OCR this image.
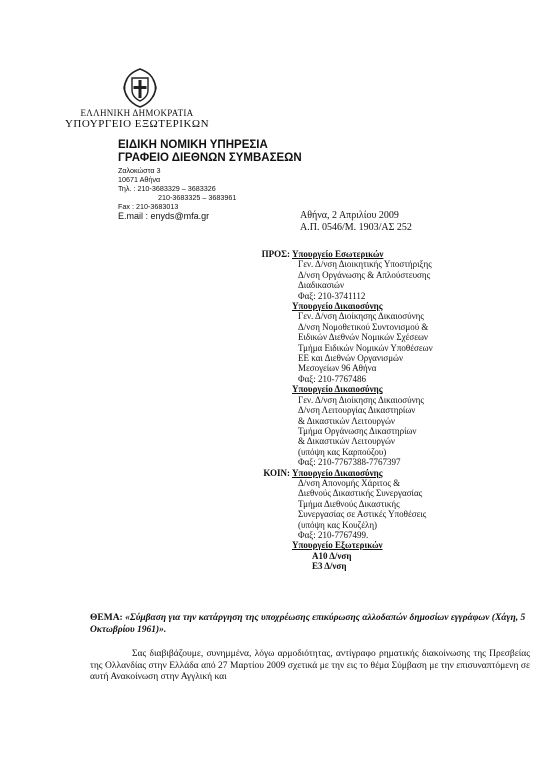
ΕΛΛΗΝΙΚΗ ΔΗΜΟΚΡΑΤΙΑ
ΥΠΟΥΡΓΕΙΟ ΕΞΩΤΕΡΙΚΩΝ
ΕΙΔΙΚΗ ΝΟΜΙΚΗ ΥΠΗΡΕΣΙΑ
ΓΡΑΦΕΙΟ ΔΙΕΘΝΩΝ ΣΥΜΒΑΣΕΩΝ
Ζαλοκώστα 3
10671 Αθήνα
Τηλ. : 210-3683329 – 3683326
210-3683325 – 3683961
Fax : 210-3683013
E.mail : enyds@mfa.gr	Αθήνα, 2 Απριλίου 2009
Α.Π. 0546/Μ. 1903/ΑΣ 252
ΠΡΟΣ: Υπουργείο Εσωτερικών
Γεν. Δ/νση Διοικητικής Υποστήριξης
Δ/νση Οργάνωσης & Απλούστευσης
Διαδικασιών
Φαξ: 210-3741112
Υπουργείο Δικαιοσύνης
Γεν. Δ/νση Διοίκησης Δικαιοσύνης
Δ/νση Νομοθετικού Συντονισμού &
Ειδικών Διεθνών Νομικών Σχέσεων
Τμήμα Ειδικών Νομικών Υποθέσεων
ΕΕ και Διεθνών Οργανισμών
Μεσογείων 96 Αθήνα
Φαξ: 210-7767486
Υπουργείο Δικαιοσύνης
Γεν. Δ/νση Διοίκησης Δικαιοσύνης
Δ/νση Λειτουργίας Δικαστηρίων
& Δικαστικών Λειτουργών
Τμήμα Οργάνωσης Δικαστηρίων
& Δικαστικών Λειτουργών
(υπόψη κας Καρπούζου)
Φαξ: 210-7767388-7767397
ΚΟΙΝ: Υπουργείο Δικαιοσύνης
Δ/νση Απονομής Χάριτος &
Διεθνούς Δικαστικής Συνεργασίας
Τμήμα Διεθνούς Δικαστικής
Συνεργασίας σε Αστικές Υποθέσεις
(υπόψη κας Κουζέλη)
Φαξ: 210-7767499.
Υπουργείο Εξωτερικών
Α10 Δ/νση
Ε3 Δ/νση
ΘΕΜΑ: «Σύμβαση για την κατάργηση της υποχρέωσης επικύρωσης αλλοδαπών δημοσίων εγγράφων (Χάγη, 5 Οκτωβρίου 1961)».
Σας διαβιβάζουμε, συνημμένα, λόγω αρμοδιότητας, αντίγραφο ρηματικής διακοίνωσης της Πρεσβείας της Ολλανδίας στην Ελλάδα από 27 Μαρτίου 2009 σχετικά με την εις το θέμα Σύμβαση με την επισυναπτόμενη σε αυτή Ανακοίνωση στην Αγγλική και
